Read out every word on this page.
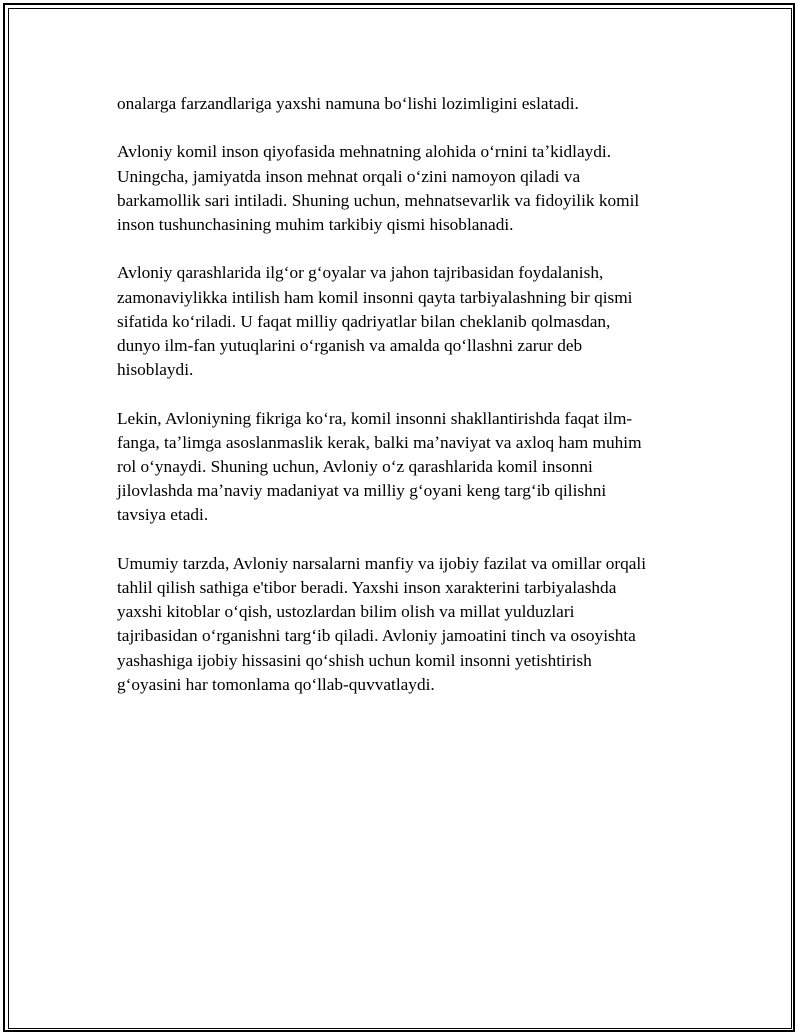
onalarga farzandlariga yaxshi namuna boʻlishi lozimligini eslatadi.

Avloniy komil inson qiyofasida mehnatning alohida oʻrnini taʼkidlaydi.
Uningcha, jamiyatda inson mehnat orqali oʻzini namoyon qiladi va
barkamollik sari intiladi. Shuning uchun, mehnatsevarlik va fidoyilik komil
inson tushunchasining muhim tarkibiy qismi hisoblanadi.

Avloniy qarashlarida ilgʻor gʻoyalar va jahon tajribasidan foydalanish,
zamonaviylikka intilish ham komil insonni qayta tarbiyalashning bir qismi
sifatida koʻriladi. U faqat milliy qadriyatlar bilan cheklanib qolmasdan,
dunyo ilm-fan yutuqlarini oʻrganish va amalda qoʻllashni zarur deb
hisoblaydi.

Lekin, Avloniyning fikriga koʻra, komil insonni shakllantirishda faqat ilm-
fanga, taʼlimga asoslanmaslik kerak, balki maʼnaviyat va axloq ham muhim
rol oʻynaydi. Shuning uchun, Avloniy oʻz qarashlarida komil insonni
jilovlashda maʼnaviy madaniyat va milliy gʻoyani keng targʻib qilishni
tavsiya etadi.

Umumiy tarzda, Avloniy narsalarni manfiy va ijobiy fazilat va omillar orqali
tahlil qilish sathiga e'tibor beradi. Yaxshi inson xarakterini tarbiyalashda
yaxshi kitoblar oʻqish, ustozlardan bilim olish va millat yulduzlari
tajribasidan oʻrganishni targʻib qiladi. Avloniy jamoatini tinch va osoyishta
yashashiga ijobiy hissasini qoʻshish uchun komil insonni yetishtirish
gʻoyasini har tomonlama qoʻllab-quvvatlaydi.
